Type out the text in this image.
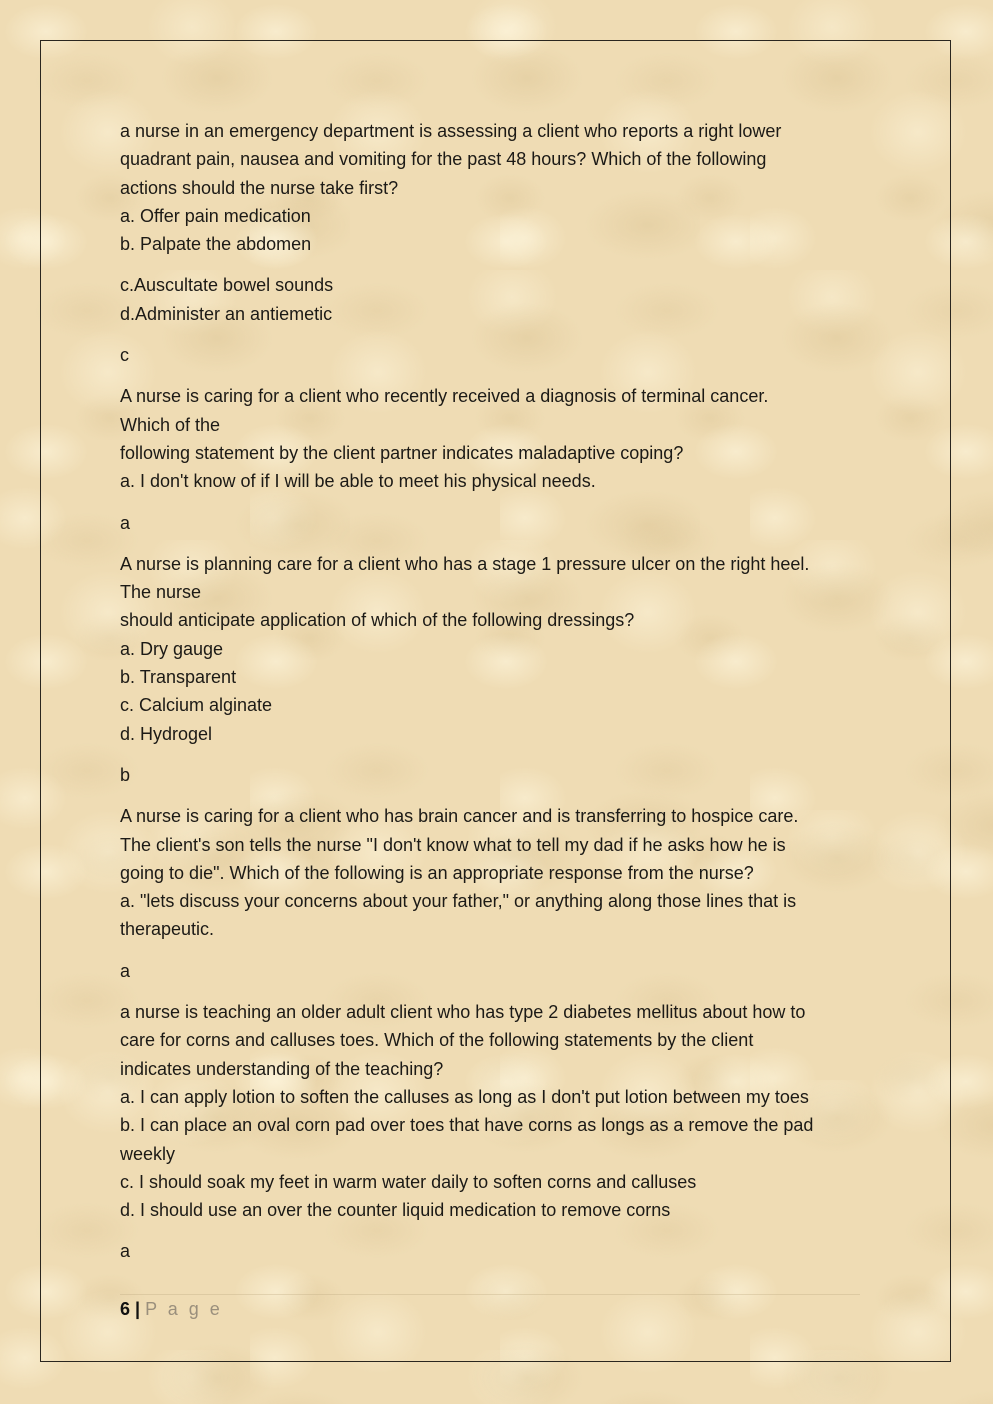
a nurse in an emergency department is assessing a client who reports a right lower

quadrant pain, nausea and vomiting for the past 48 hours? Which of the following

actions should the nurse take first?

a. Offer pain medication

b. Palpate the abdomen

c.Auscultate bowel sounds

d.Administer an antiemetic

c

A nurse is caring for a client who recently received a diagnosis of terminal cancer.

Which of the

following statement by the client partner indicates maladaptive coping?

a. I don't know of if I will be able to meet his physical needs.

a

A nurse is planning care for a client who has a stage 1 pressure ulcer on the right heel.

The nurse

should anticipate application of which of the following dressings?

a. Dry gauge

b. Transparent

c. Calcium alginate

d. Hydrogel

b

A nurse is caring for a client who has brain cancer and is transferring to hospice care.

The client's son tells the nurse "I don't know what to tell my dad if he asks how he is

going to die". Which of the following is an appropriate response from the nurse?

a. "lets discuss your concerns about your father," or anything along those lines that is

therapeutic.

a

a nurse is teaching an older adult client who has type 2 diabetes mellitus about how to

care for corns and calluses toes. Which of the following statements by the client

indicates understanding of the teaching?

a. I can apply lotion to soften the calluses as long as I don't put lotion between my toes

b. I can place an oval corn pad over toes that have corns as longs as a remove the pad

weekly

c. I should soak my feet in warm water daily to soften corns and calluses

d. I should use an over the counter liquid medication to remove corns

a

6 | P a g e
